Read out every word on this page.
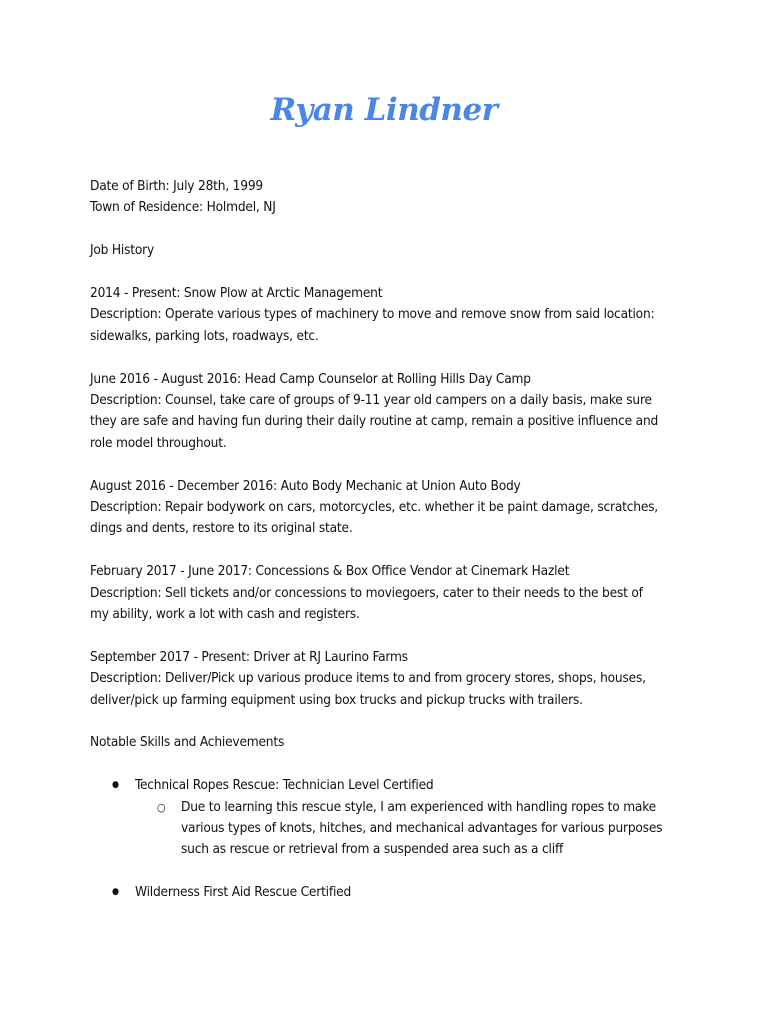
Ryan Lindner
Date of Birth: July 28th, 1999
Town of Residence: Holmdel, NJ
Job History
2014 - Present: Snow Plow at Arctic Management
Description: Operate various types of machinery to move and remove snow from said location:
sidewalks, parking lots, roadways, etc.
June 2016 - August 2016: Head Camp Counselor at Rolling Hills Day Camp
Description: Counsel, take care of groups of 9-11 year old campers on a daily basis, make sure
they are safe and having fun during their daily routine at camp, remain a positive influence and
role model throughout.
August 2016 - December 2016: Auto Body Mechanic at Union Auto Body
Description: Repair bodywork on cars, motorcycles, etc. whether it be paint damage, scratches,
dings and dents, restore to its original state.
February 2017 - June 2017: Concessions & Box Office Vendor at Cinemark Hazlet
Description: Sell tickets and/or concessions to moviegoers, cater to their needs to the best of
my ability, work a lot with cash and registers.
September 2017 - Present: Driver at RJ Laurino Farms
Description: Deliver/Pick up various produce items to and from grocery stores, shops, houses,
deliver/pick up farming equipment using box trucks and pickup trucks with trailers.
Notable Skills and Achievements
● Technical Ropes Rescue: Technician Level Certified
○ Due to learning this rescue style, I am experienced with handling ropes to make
various types of knots, hitches, and mechanical advantages for various purposes
such as rescue or retrieval from a suspended area such as a cliff
● Wilderness First Aid Rescue Certified
